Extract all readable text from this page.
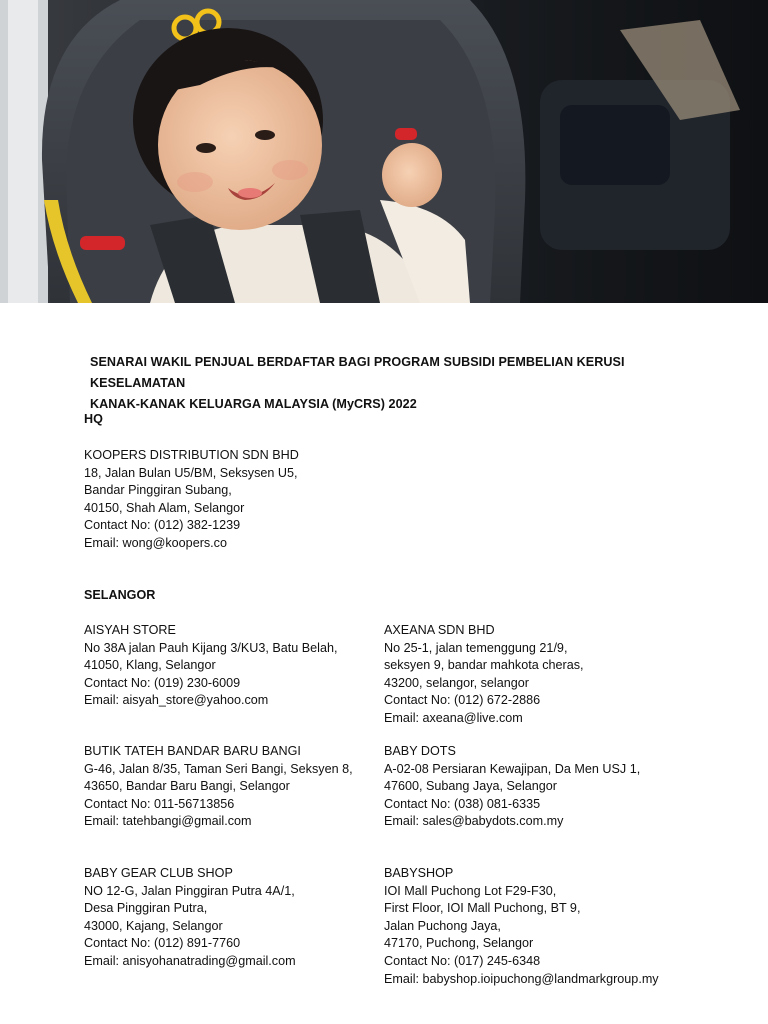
SENARAI WAKIL PENJUAL BERDAFTAR BAGI PROGRAM SUBSIDI PEMBELIAN KERUSI KESELAMATAN
KANAK-KANAK KELUARGA MALAYSIA (MyCRS) 2022
HQ
KOOPERS DISTRIBUTION SDN BHD
18, Jalan Bulan U5/BM, Seksysen U5,
Bandar Pinggiran Subang,
40150, Shah Alam, Selangor
Contact No: (012) 382-1239
Email: wong@koopers.co
SELANGOR
AISYAH STORE
No 38A jalan Pauh Kijang 3/KU3, Batu Belah,
41050, Klang, Selangor
Contact No: (019) 230-6009
Email: aisyah_store@yahoo.com
AXEANA SDN BHD
No 25-1, jalan temenggung 21/9,
seksyen 9, bandar mahkota cheras,
43200, selangor, selangor
Contact No: (012) 672-2886
Email: axeana@live.com
BUTIK TATEH BANDAR BARU BANGI
G-46, Jalan 8/35, Taman Seri Bangi, Seksyen 8,
43650, Bandar Baru Bangi, Selangor
Contact No: 011-56713856
Email: tatehbangi@gmail.com
BABY DOTS
A-02-08 Persiaran Kewajipan, Da Men USJ 1,
47600, Subang Jaya, Selangor
Contact No: (038) 081-6335
Email: sales@babydots.com.my
BABY GEAR CLUB SHOP
NO 12-G, Jalan Pinggiran Putra 4A/1,
Desa Pinggiran Putra,
43000, Kajang, Selangor
Contact No: (012) 891-7760
Email: anisyohanatrading@gmail.com
BABYSHOP
IOI Mall Puchong Lot F29-F30,
First Floor, IOI Mall Puchong, BT 9,
Jalan Puchong Jaya,
47170, Puchong, Selangor
Contact No: (017) 245-6348
Email: babyshop.ioipuchong@landmarkgroup.my
